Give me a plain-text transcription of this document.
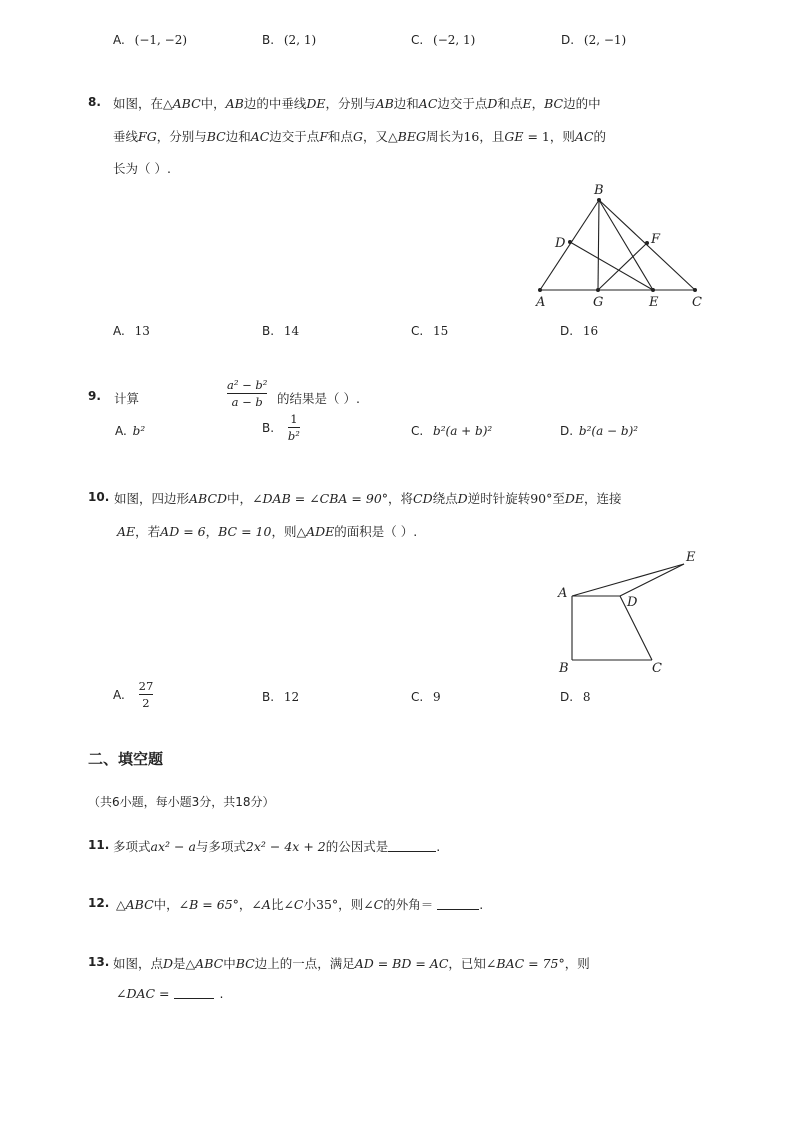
A. (−1, −2)	B. (2, 1)	C. (−2, 1)	D. (2, −1)
8. 如图，在△ABC中，AB边的中垂线DE，分别与AB边和AC边交于点D和点E，BC边的中
垂线FG，分别与BC边和AC边交于点F和点G，又△BEG周长为16，且GE = 1，则AC的
长为（ ）.
A
B
C
D
E
F
G
A. 13	B. 14	C. 15	D. 16
9. 计算	$\frac{\text{a² − b²}}{a - b}$ 的结果是（ ）.
A. b²	B. $\frac{1}{\text{b²}}$	C. b²(a + b)²	D. b²(a − b)²
10. 如图，四边形ABCD中，∠DAB = ∠CBA = 90°，将CD绕点D逆时针旋转90°至DE，连接
AE，若AD = 6，BC = 10，则△ADE的面积是（ ）.
A
B	C
D
E
A. $\frac{27}{2}$	B. 12	C. 9	D. 8
二、填空题
（共6小题，每小题3分，共18分）
11. 多项式ax² − a与多项式2x² − 4x + 2的公因式是	.
12. △ABC中，∠B = 65°，∠A比∠C小35°，则∠C的外角＝	.
13. 如图，点D是△ABC中BC边上的一点，满足AD = BD = AC，已知∠BAC = 75°，则
∠DAC =	.
